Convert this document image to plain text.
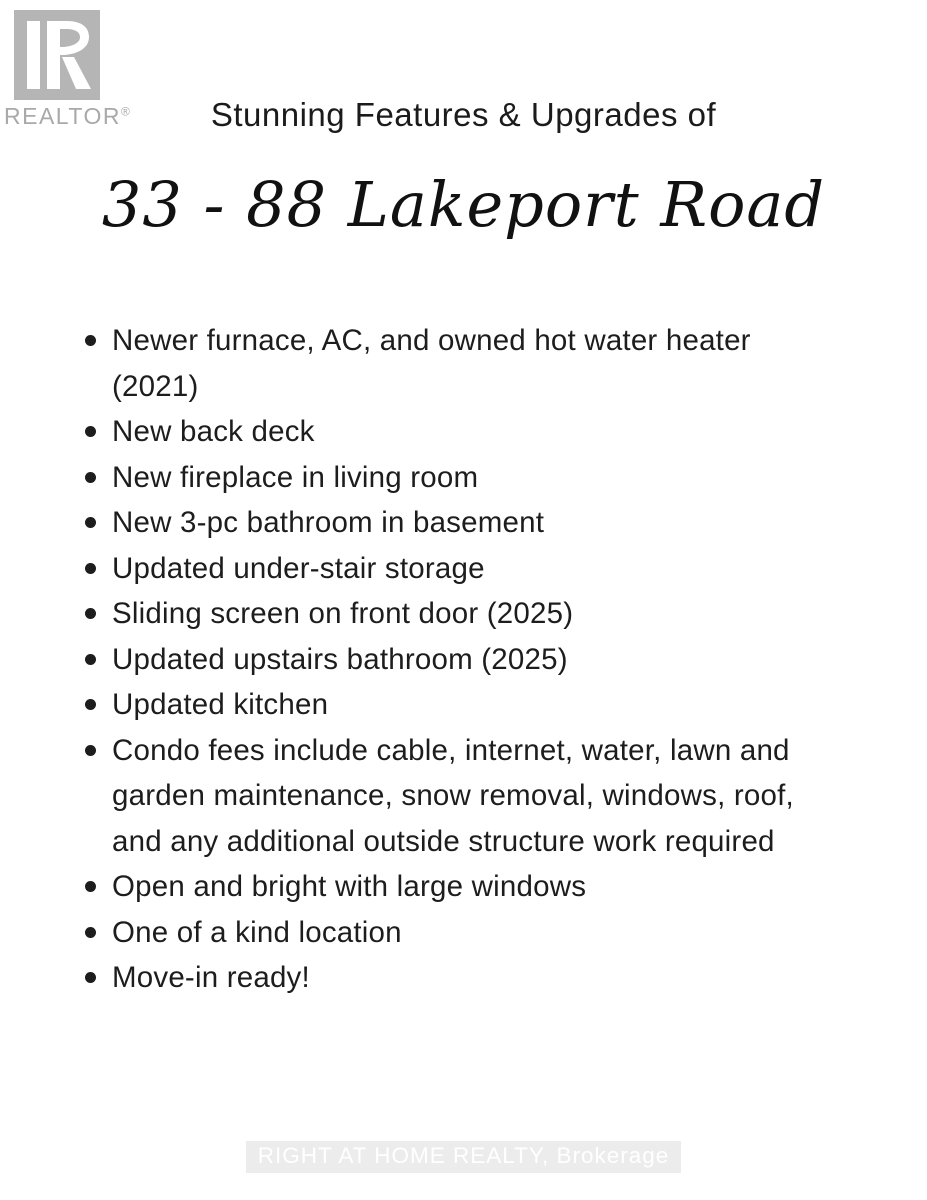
REALTOR®	Stunning Features & Upgrades of
33 - 88 Lakeport Road
Newer furnace, AC, and owned hot water heater
(2021)
New back deck
New fireplace in living room
New 3-pc bathroom in basement
Updated under-stair storage
Sliding screen on front door (2025)
Updated upstairs bathroom (2025)
Updated kitchen
Condo fees include cable, internet, water, lawn and
garden maintenance, snow removal, windows, roof,
and any additional outside structure work required
Open and bright with large windows
One of a kind location
Move-in ready!
RIGHT AT HOME REALTY, Brokerage
